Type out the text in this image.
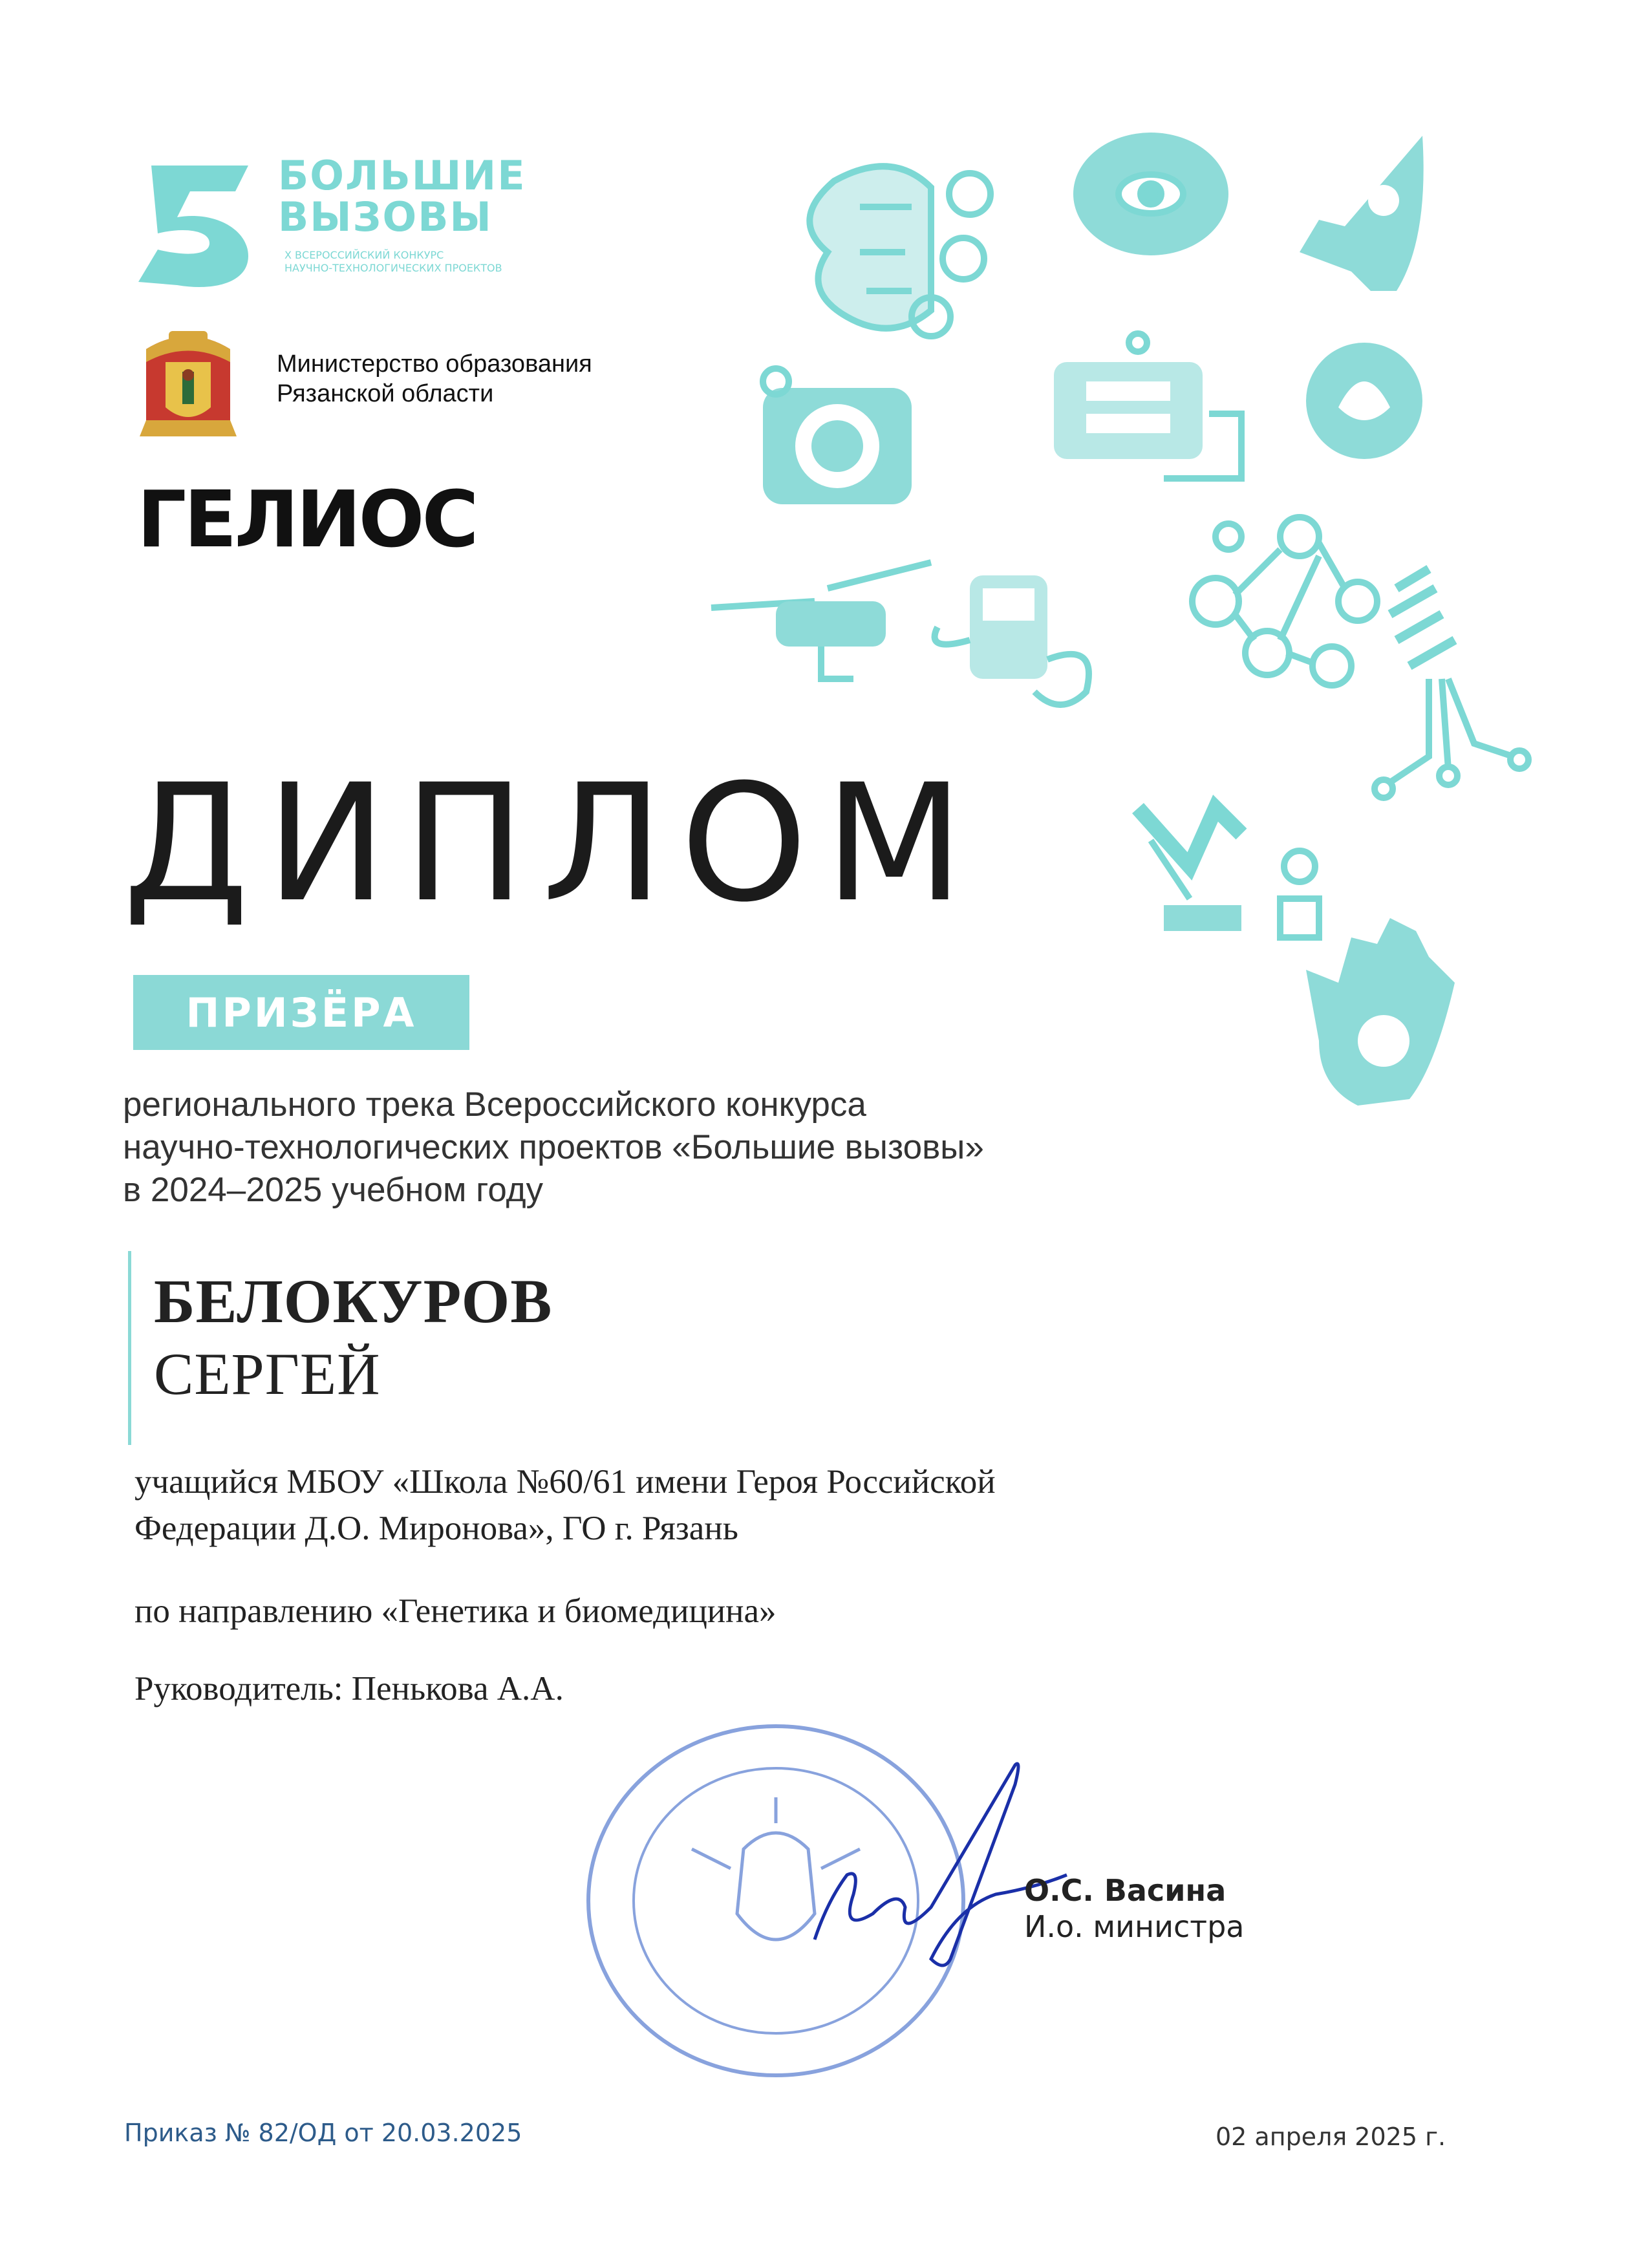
БОЛЬШИЕ
ВЫЗОВЫ
X ВСЕРОССИЙСКИЙ КОНКУРС
НАУЧНО-ТЕХНОЛОГИЧЕСКИХ ПРОЕКТОВ
Министерство образования
Рязанской области
ГЕЛИОС
ДИПЛОМ
ПРИЗЁРА
регионального трека Всероссийского конкурса
научно-технологических проектов «Большие вызовы»
в 2024–2025 учебном году
БЕЛОКУРОВ
СЕРГЕЙ
учащийся МБОУ «Школа №60/61 имени Героя Российской
Федерации Д.О. Миронова», ГО г. Рязань
по направлению «Генетика и биомедицина»
Руководитель: Пенькова А.А.
О.С. Васина
И.о. министра
Приказ № 82/ОД от 20.03.2025	02 апреля 2025 г.
